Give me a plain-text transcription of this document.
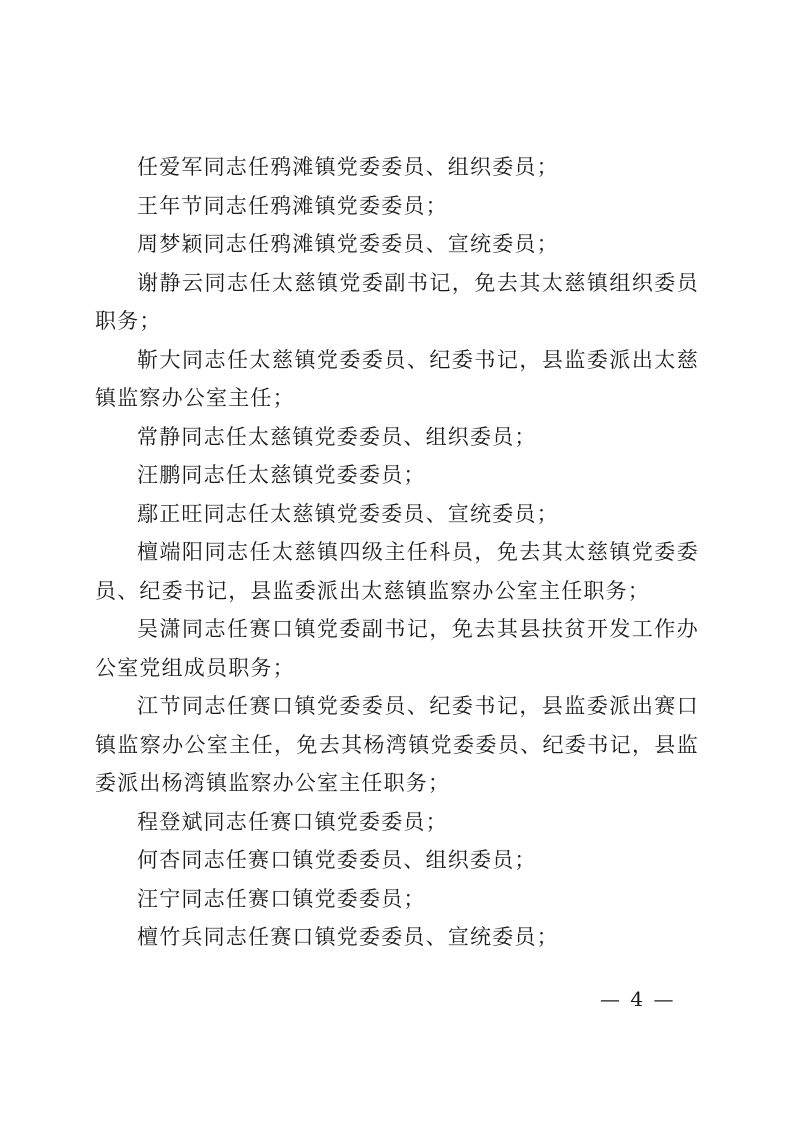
任爱军同志任鸦滩镇党委委员、组织委员；

王年节同志任鸦滩镇党委委员；

周梦颖同志任鸦滩镇党委委员、宣统委员；

谢静云同志任太慈镇党委副书记，免去其太慈镇组织委员职务；

靳大同志任太慈镇党委委员、纪委书记，县监委派出太慈镇监察办公室主任；

常静同志任太慈镇党委委员、组织委员；

汪鹏同志任太慈镇党委委员；

鄢正旺同志任太慈镇党委委员、宣统委员；

檀端阳同志任太慈镇四级主任科员，免去其太慈镇党委委员、纪委书记，县监委派出太慈镇监察办公室主任职务；

吴潇同志任赛口镇党委副书记，免去其县扶贫开发工作办公室党组成员职务；

江节同志任赛口镇党委委员、纪委书记，县监委派出赛口镇监察办公室主任，免去其杨湾镇党委委员、纪委书记，县监委派出杨湾镇监察办公室主任职务；

程登斌同志任赛口镇党委委员；

何杏同志任赛口镇党委委员、组织委员；

汪宁同志任赛口镇党委委员；

檀竹兵同志任赛口镇党委委员、宣统委员；

— 4 —
